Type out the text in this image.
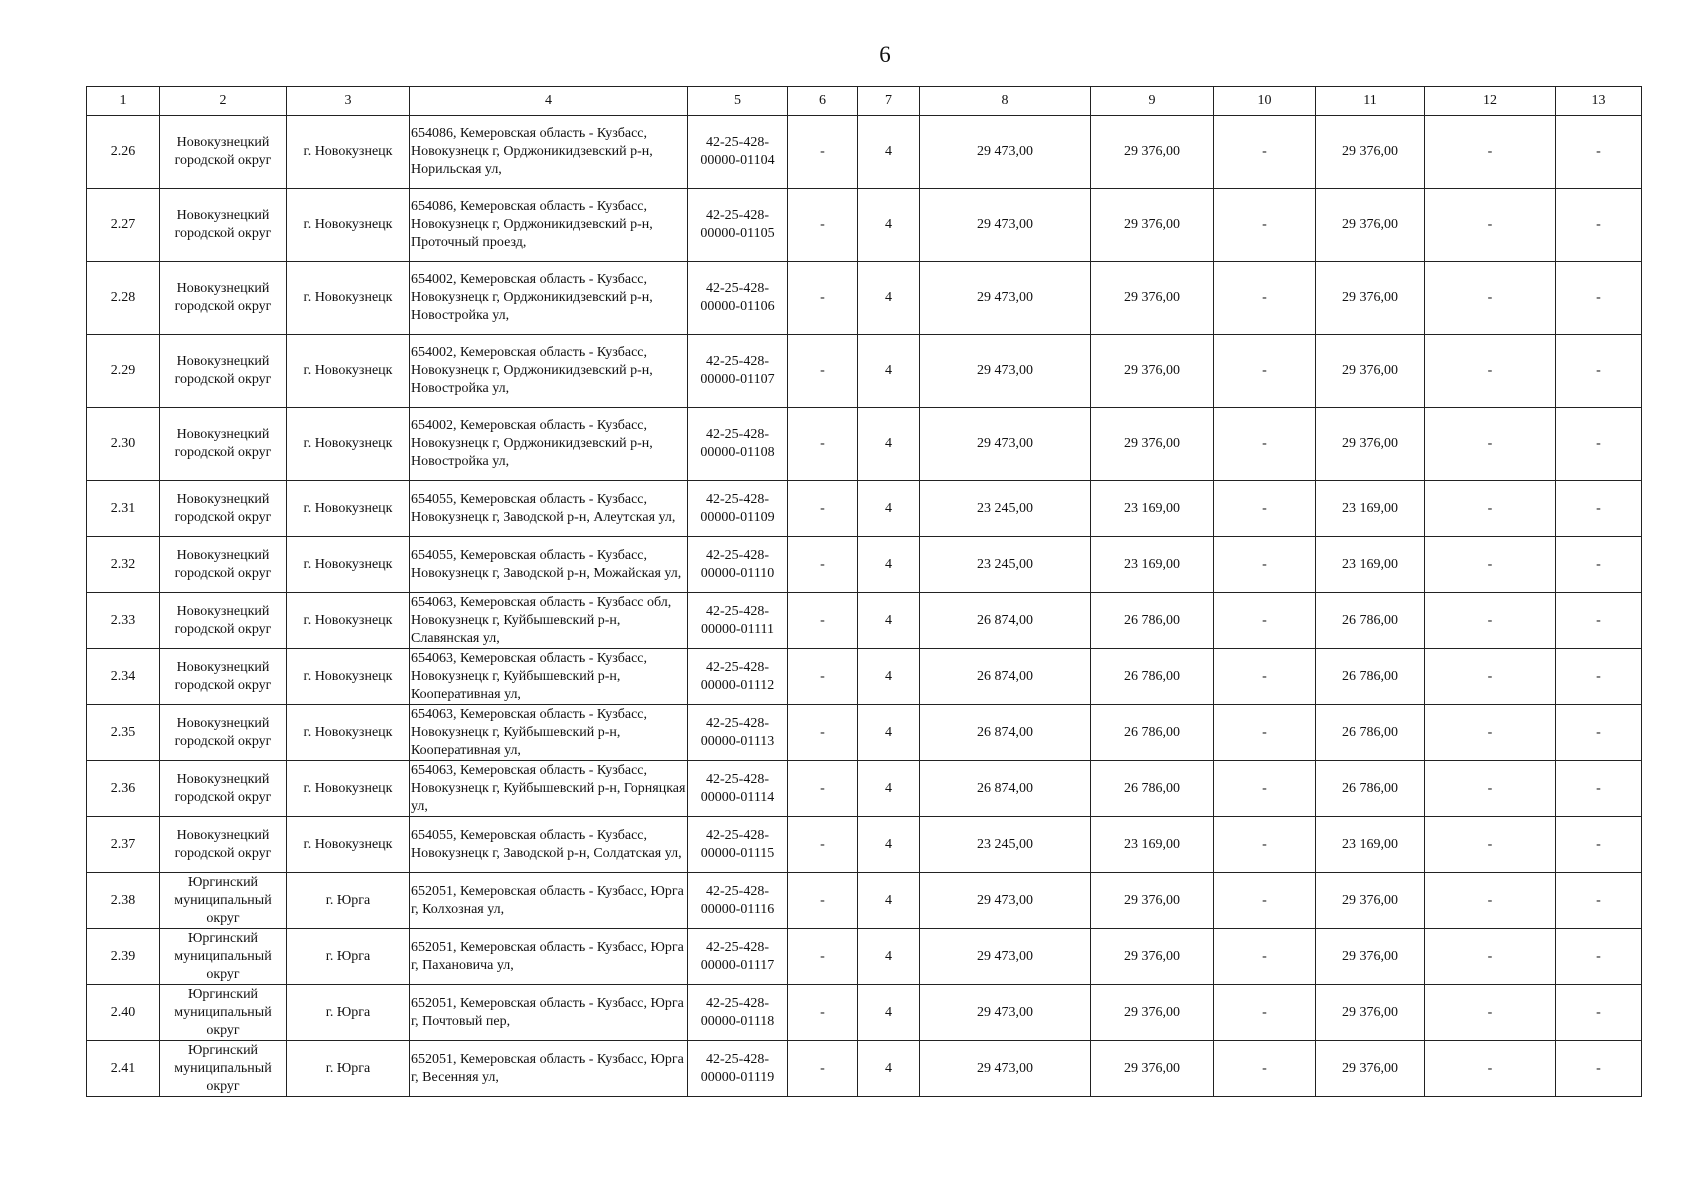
6
1	2	3	4	5	6	7	8	9	10	11	12	13
2.26	Новокузнецкий городской округ	г. Новокузнецк	654086, Кемеровская область - Кузбасс, Новокузнецк г, Орджоникидзевский р-н, Норильская ул,	42-25-428-00000-01104	-	4	29 473,00	29 376,00	-	29 376,00	-	-
2.27	Новокузнецкий городской округ	г. Новокузнецк	654086, Кемеровская область - Кузбасс, Новокузнецк г, Орджоникидзевский р-н, Проточный проезд,	42-25-428-00000-01105	-	4	29 473,00	29 376,00	-	29 376,00	-	-
2.28	Новокузнецкий городской округ	г. Новокузнецк	654002, Кемеровская область - Кузбасс, Новокузнецк г, Орджоникидзевский р-н, Новостройка ул,	42-25-428-00000-01106	-	4	29 473,00	29 376,00	-	29 376,00	-	-
2.29	Новокузнецкий городской округ	г. Новокузнецк	654002, Кемеровская область - Кузбасс, Новокузнецк г, Орджоникидзевский р-н, Новостройка ул,	42-25-428-00000-01107	-	4	29 473,00	29 376,00	-	29 376,00	-	-
2.30	Новокузнецкий городской округ	г. Новокузнецк	654002, Кемеровская область - Кузбасс, Новокузнецк г, Орджоникидзевский р-н, Новостройка ул,	42-25-428-00000-01108	-	4	29 473,00	29 376,00	-	29 376,00	-	-
2.31	Новокузнецкий городской округ	г. Новокузнецк	654055, Кемеровская область - Кузбасс, Новокузнецк г, Заводской р-н, Алеутская ул,	42-25-428-00000-01109	-	4	23 245,00	23 169,00	-	23 169,00	-	-
2.32	Новокузнецкий городской округ	г. Новокузнецк	654055, Кемеровская область - Кузбасс, Новокузнецк г, Заводской р-н, Можайская ул,	42-25-428-00000-01110	-	4	23 245,00	23 169,00	-	23 169,00	-	-
2.33	Новокузнецкий городской округ	г. Новокузнецк	654063, Кемеровская область - Кузбасс обл, Новокузнецк г, Куйбышевский р-н, Славянская ул,	42-25-428-00000-01111	-	4	26 874,00	26 786,00	-	26 786,00	-	-
2.34	Новокузнецкий городской округ	г. Новокузнецк	654063, Кемеровская область - Кузбасс, Новокузнецк г, Куйбышевский р-н, Кооперативная ул,	42-25-428-00000-01112	-	4	26 874,00	26 786,00	-	26 786,00	-	-
2.35	Новокузнецкий городской округ	г. Новокузнецк	654063, Кемеровская область - Кузбасс, Новокузнецк г, Куйбышевский р-н, Кооперативная ул,	42-25-428-00000-01113	-	4	26 874,00	26 786,00	-	26 786,00	-	-
2.36	Новокузнецкий городской округ	г. Новокузнецк	654063, Кемеровская область - Кузбасс, Новокузнецк г, Куйбышевский р-н, Горняцкая ул,	42-25-428-00000-01114	-	4	26 874,00	26 786,00	-	26 786,00	-	-
2.37	Новокузнецкий городской округ	г. Новокузнецк	654055, Кемеровская область - Кузбасс, Новокузнецк г, Заводской р-н, Солдатская ул,	42-25-428-00000-01115	-	4	23 245,00	23 169,00	-	23 169,00	-	-
2.38	Юргинский муниципальный округ	г. Юрга	652051, Кемеровская область - Кузбасс, Юрга г, Колхозная ул,	42-25-428-00000-01116	-	4	29 473,00	29 376,00	-	29 376,00	-	-
2.39	Юргинский муниципальный округ	г. Юрга	652051, Кемеровская область - Кузбасс, Юрга г, Пахановича ул,	42-25-428-00000-01117	-	4	29 473,00	29 376,00	-	29 376,00	-	-
2.40	Юргинский муниципальный округ	г. Юрга	652051, Кемеровская область - Кузбасс, Юрга г, Почтовый пер,	42-25-428-00000-01118	-	4	29 473,00	29 376,00	-	29 376,00	-	-
2.41	Юргинский муниципальный округ	г. Юрга	652051, Кемеровская область - Кузбасс, Юрга г, Весенняя ул,	42-25-428-00000-01119	-	4	29 473,00	29 376,00	-	29 376,00	-	-
